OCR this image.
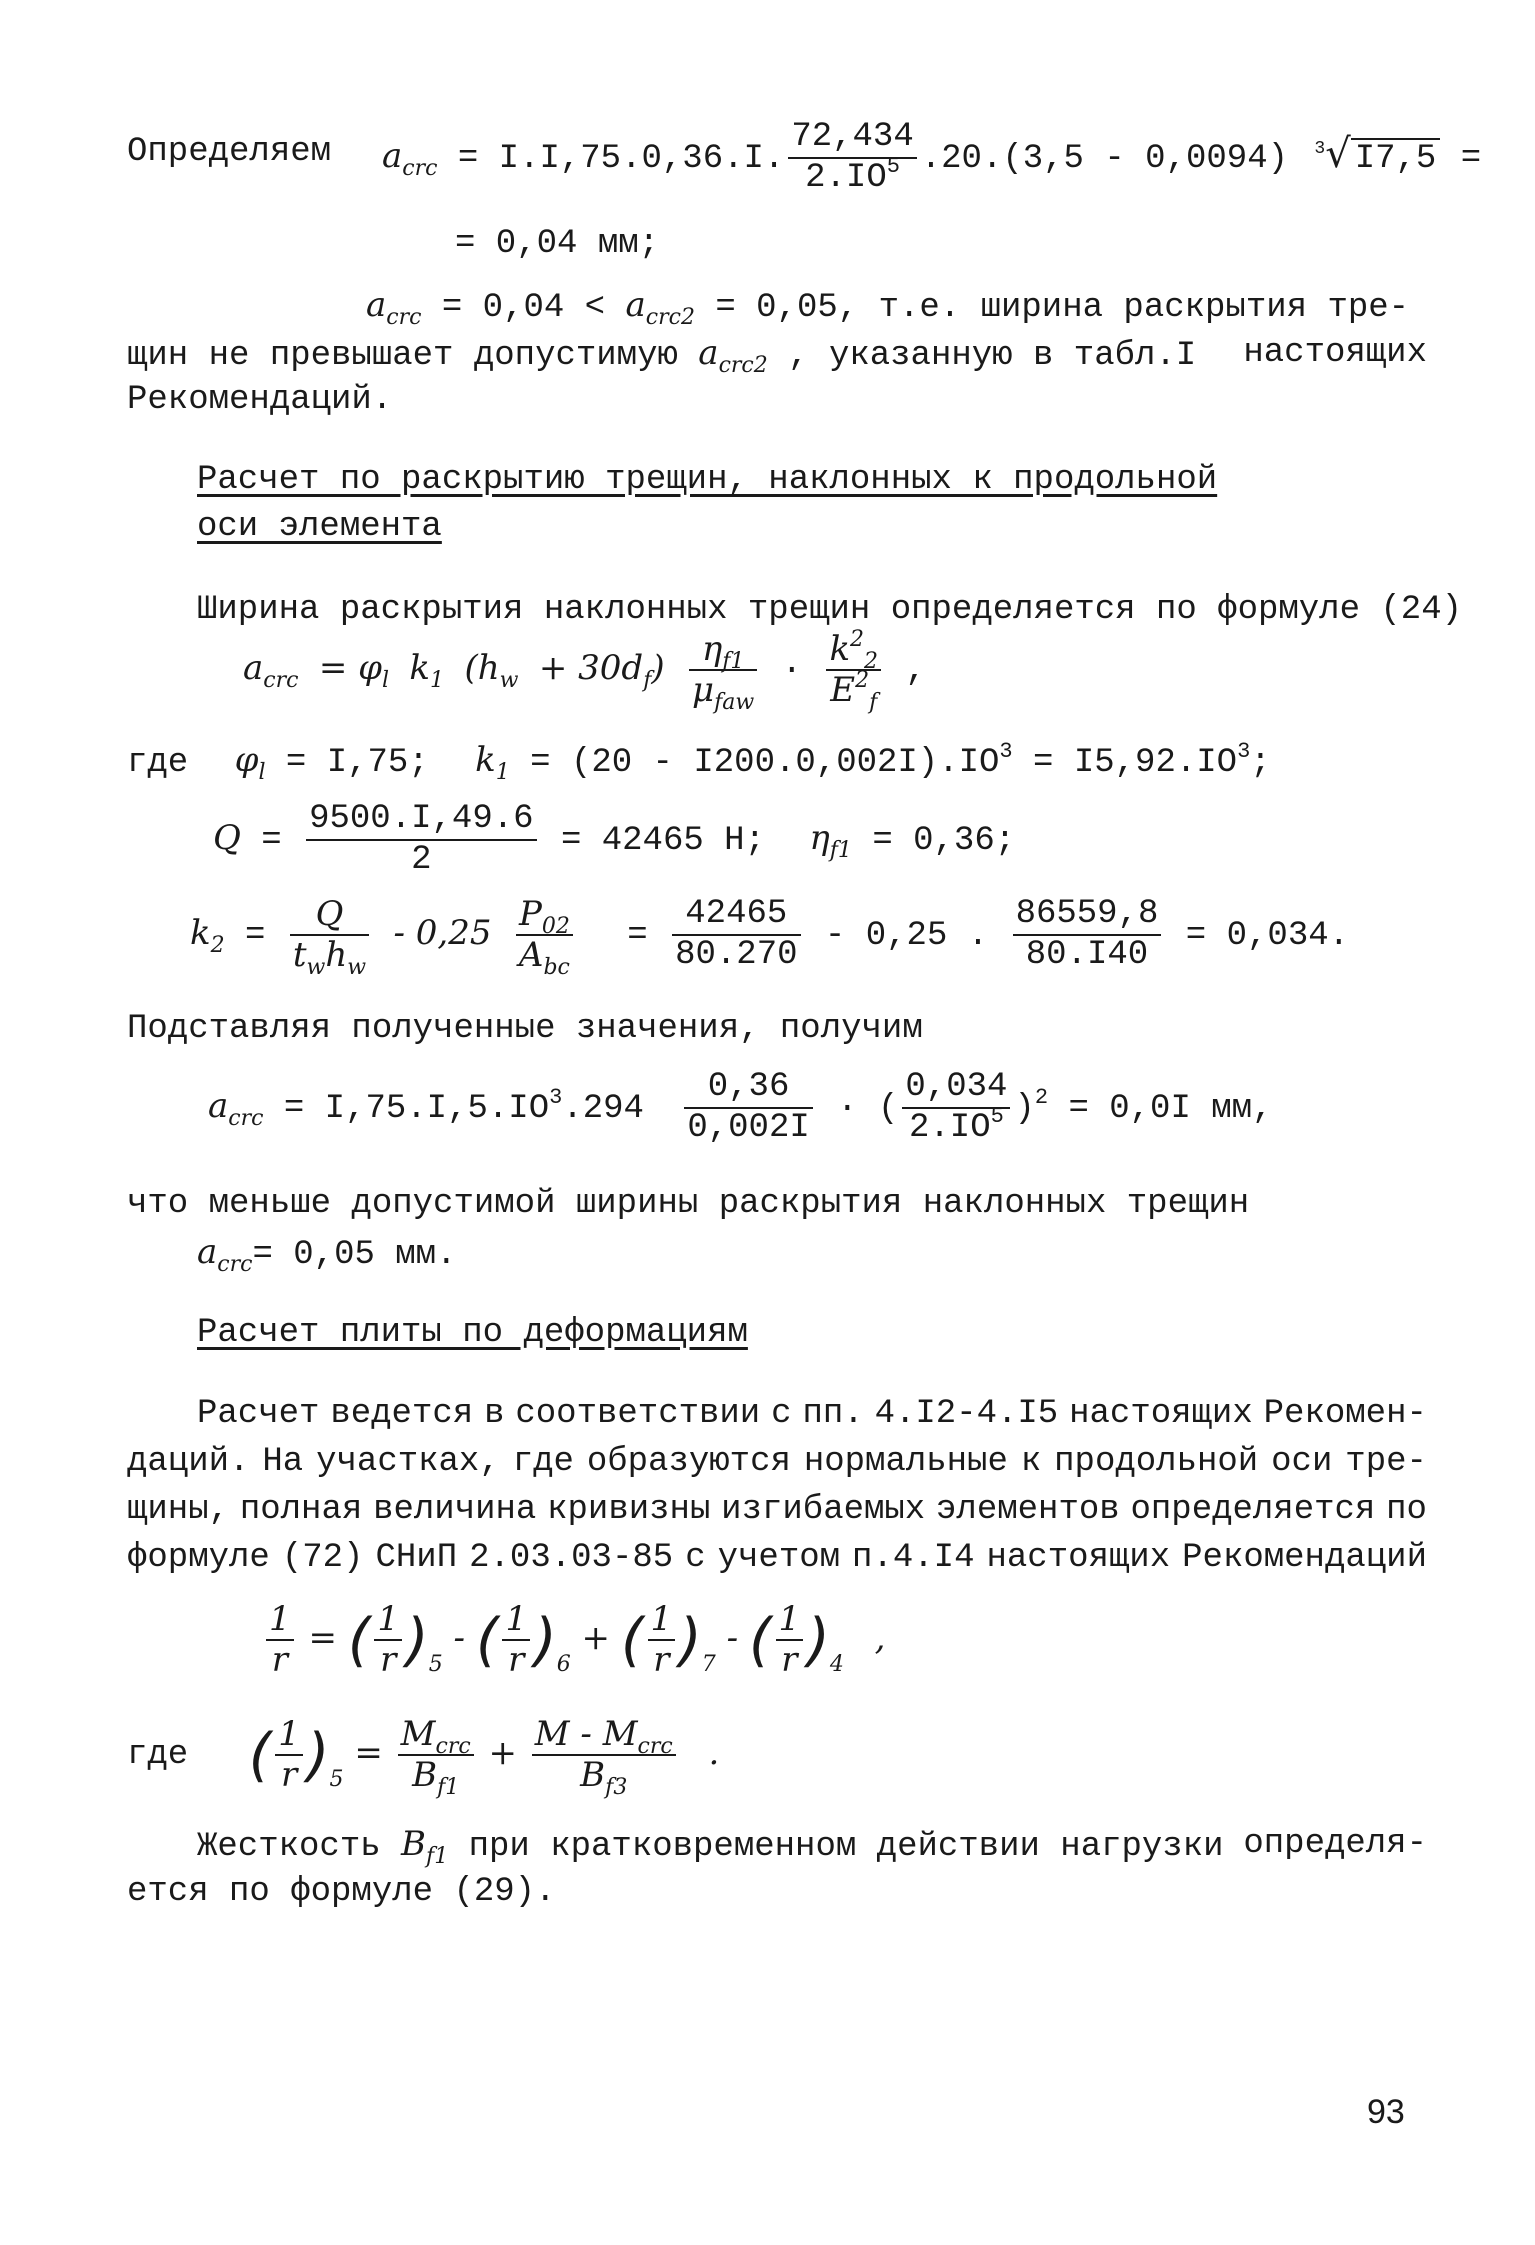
Определяем $a_{crc} = I.I,75.0,36.I$. $\frac{72,434}{2.IO^5} .20.(3,5 - 0,0094)$ $^3$√ I7,5 =
= 0,04 мм;
$a_{crc} = 0,04 < a_{crc2} = 0,05$, т.е. ширина раскрытия тре-
щин не превышает допустимую $a_{crc2}$ , указанную в табл.I настоящих
Рекомендаций.
Расчет по раскрытию трещин, наклонных к продольной
оси элемента
Ширина раскрытия наклонных трещин определяется по формуле (24)
$a_{crc} = \varphi_l$ $k_1$ $(h_w + 30d_f) \frac{\eta_{f1}}{\mu_{faw}} \cdot \frac{k^2_2}{E^2_f}$ ,
где $\varphi_l = I,75$; $k_1 = (20 - I200.0,002I).IO^3 = I5,92.IO^3$;
$Q = \frac{9500.I,49.6}{2} = 42465$ Н; $\eta_{f1} = 0,36$;
$k_2 = \frac{Q}{t_wh_w} - 0,25 \frac{P_{02}}{A_{bc}} = \frac{42465}{80.270} - 0,25$ . $\frac{86559,8}{80.I40} = 0,034$.
Подставляя полученные значения, получим
$a_{crc} = I,75.I,5.IO^3.294 \frac{0,36}{0,002I}$ · ( $\frac{0,034}{2.IO^5} )^2 = 0,0I$ мм,
что меньше допустимой ширины раскрытия наклонных трещин
$a_{crc}= 0,05$ мм.
Расчет плиты по деформациям
Расчет ведется в соответствии с пп. 4.I2-4.I5 настоящих Рекомен-
даций. На участках, где образуются нормальные к продольной оси тре-
щины, полная величина кривизны изгибаемых элементов определяется по
формуле (72) СНиП 2.03.03-85 с учетом п.4.I4 настоящих Рекомендаций
$\frac{1}{r}$ = ( $\frac{1}{r} )_5$ - ( $\frac{1}{r} )_6$ + ( $\frac{1}{r} )_7$ - ( $\frac{1}{r} )_4$ ,
где ( $\frac{1}{r} )_5 = \frac{M_{crc}}{B_{f1}} + \frac{M - M_{crc}}{B_{f3}}$ .
Жесткость $B_{f1}$ при кратковременном действии нагрузки определя-
ется по формуле (29).
93
